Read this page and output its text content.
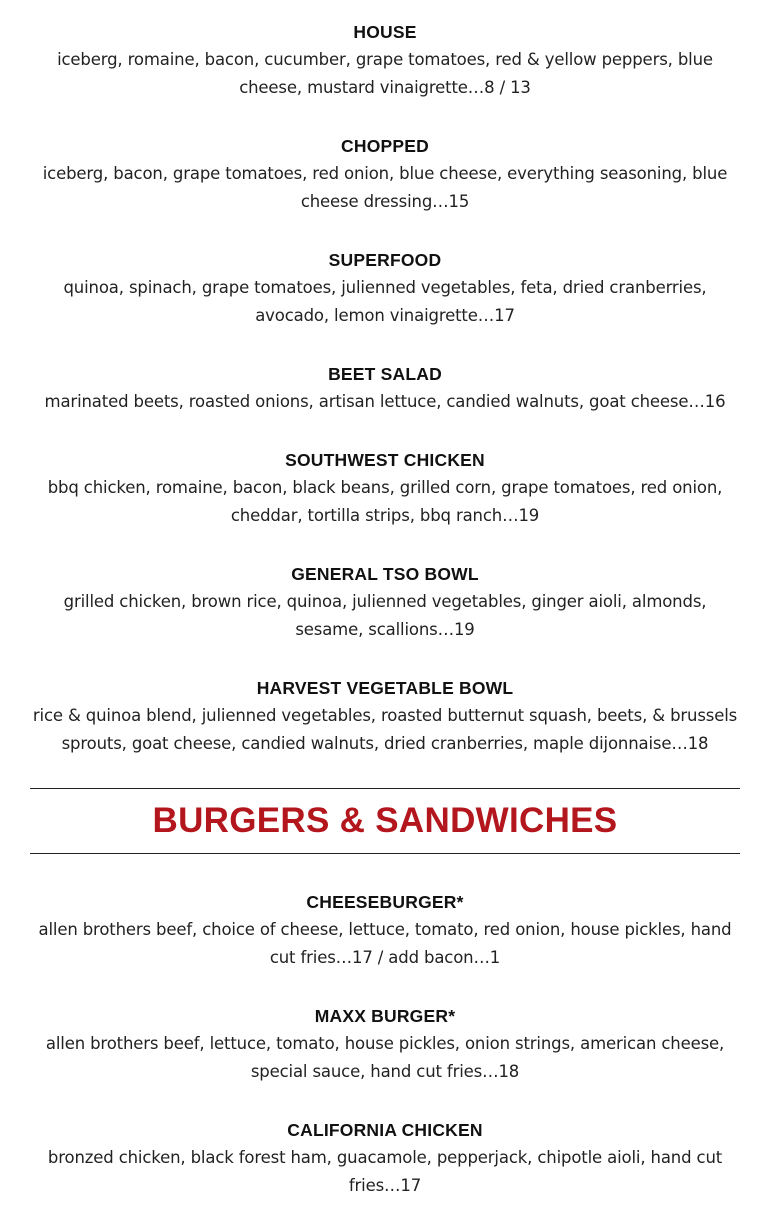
HOUSE
iceberg, romaine, bacon, cucumber, grape tomatoes, red & yellow peppers, blue cheese, mustard vinaigrette…8 / 13
CHOPPED
iceberg, bacon, grape tomatoes, red onion, blue cheese, everything seasoning, blue cheese dressing…15
SUPERFOOD
quinoa, spinach, grape tomatoes, julienned vegetables, feta, dried cranberries, avocado, lemon vinaigrette…17
BEET SALAD
marinated beets, roasted onions, artisan lettuce, candied walnuts, goat cheese…16
SOUTHWEST CHICKEN
bbq chicken, romaine, bacon, black beans, grilled corn, grape tomatoes, red onion, cheddar, tortilla strips, bbq ranch…19
GENERAL TSO BOWL
grilled chicken, brown rice, quinoa, julienned vegetables, ginger aioli, almonds, sesame, scallions…19
HARVEST VEGETABLE BOWL
rice & quinoa blend, julienned vegetables, roasted butternut squash, beets, & brussels sprouts, goat cheese, candied walnuts, dried cranberries, maple dijonnaise…18
BURGERS & SANDWICHES
CHEESEBURGER*
allen brothers beef, choice of cheese, lettuce, tomato, red onion, house pickles, hand cut fries…17 / add bacon…1
MAXX BURGER*
allen brothers beef, lettuce, tomato, house pickles, onion strings, american cheese, special sauce, hand cut fries…18
CALIFORNIA CHICKEN
bronzed chicken, black forest ham, guacamole, pepperjack, chipotle aioli, hand cut fries…17
